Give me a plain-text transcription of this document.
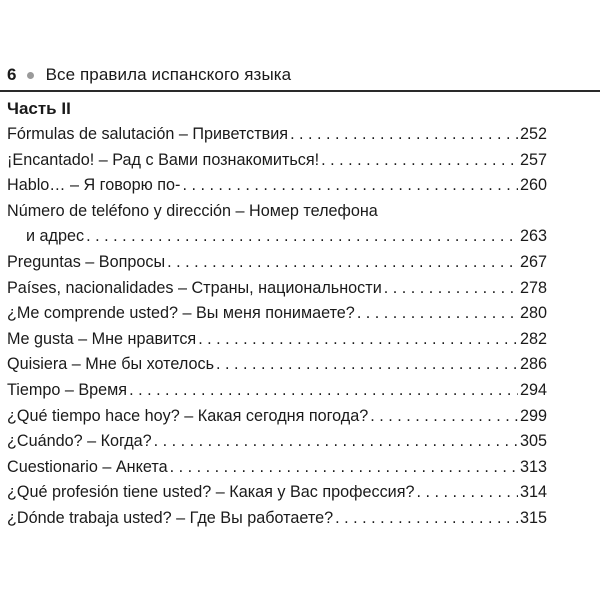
6 Все правила испанского языка
Часть II
Fórmulas de salutación – Приветствия . . .	252
¡Encantado! – Рад с Вами познакомиться! . . .	257
Hablo… – Я говорю по- . . .	260
Número de teléfono y dirección – Номер телефона
и адрес . . .	263
Preguntas – Вопросы . . .	267
Países, nacionalidades – Страны, национальности . . .	278
¿Me comprende usted? – Вы меня понимаете? . . .	280
Me gusta – Мне нравится . . .	282
Quisiera – Мне бы хотелось . . .	286
Tiempo – Время . . .	294
¿Qué tiempo hace hoy? – Какая сегодня погода? . . .	299
¿Cuándo? – Когда? . . .	305
Cuestionario – Анкета . . .	313
¿Qué profesión tiene usted? – Какая у Вас профессия? . . .	314
¿Dónde trabaja usted? – Где Вы работаете? . . .	315
